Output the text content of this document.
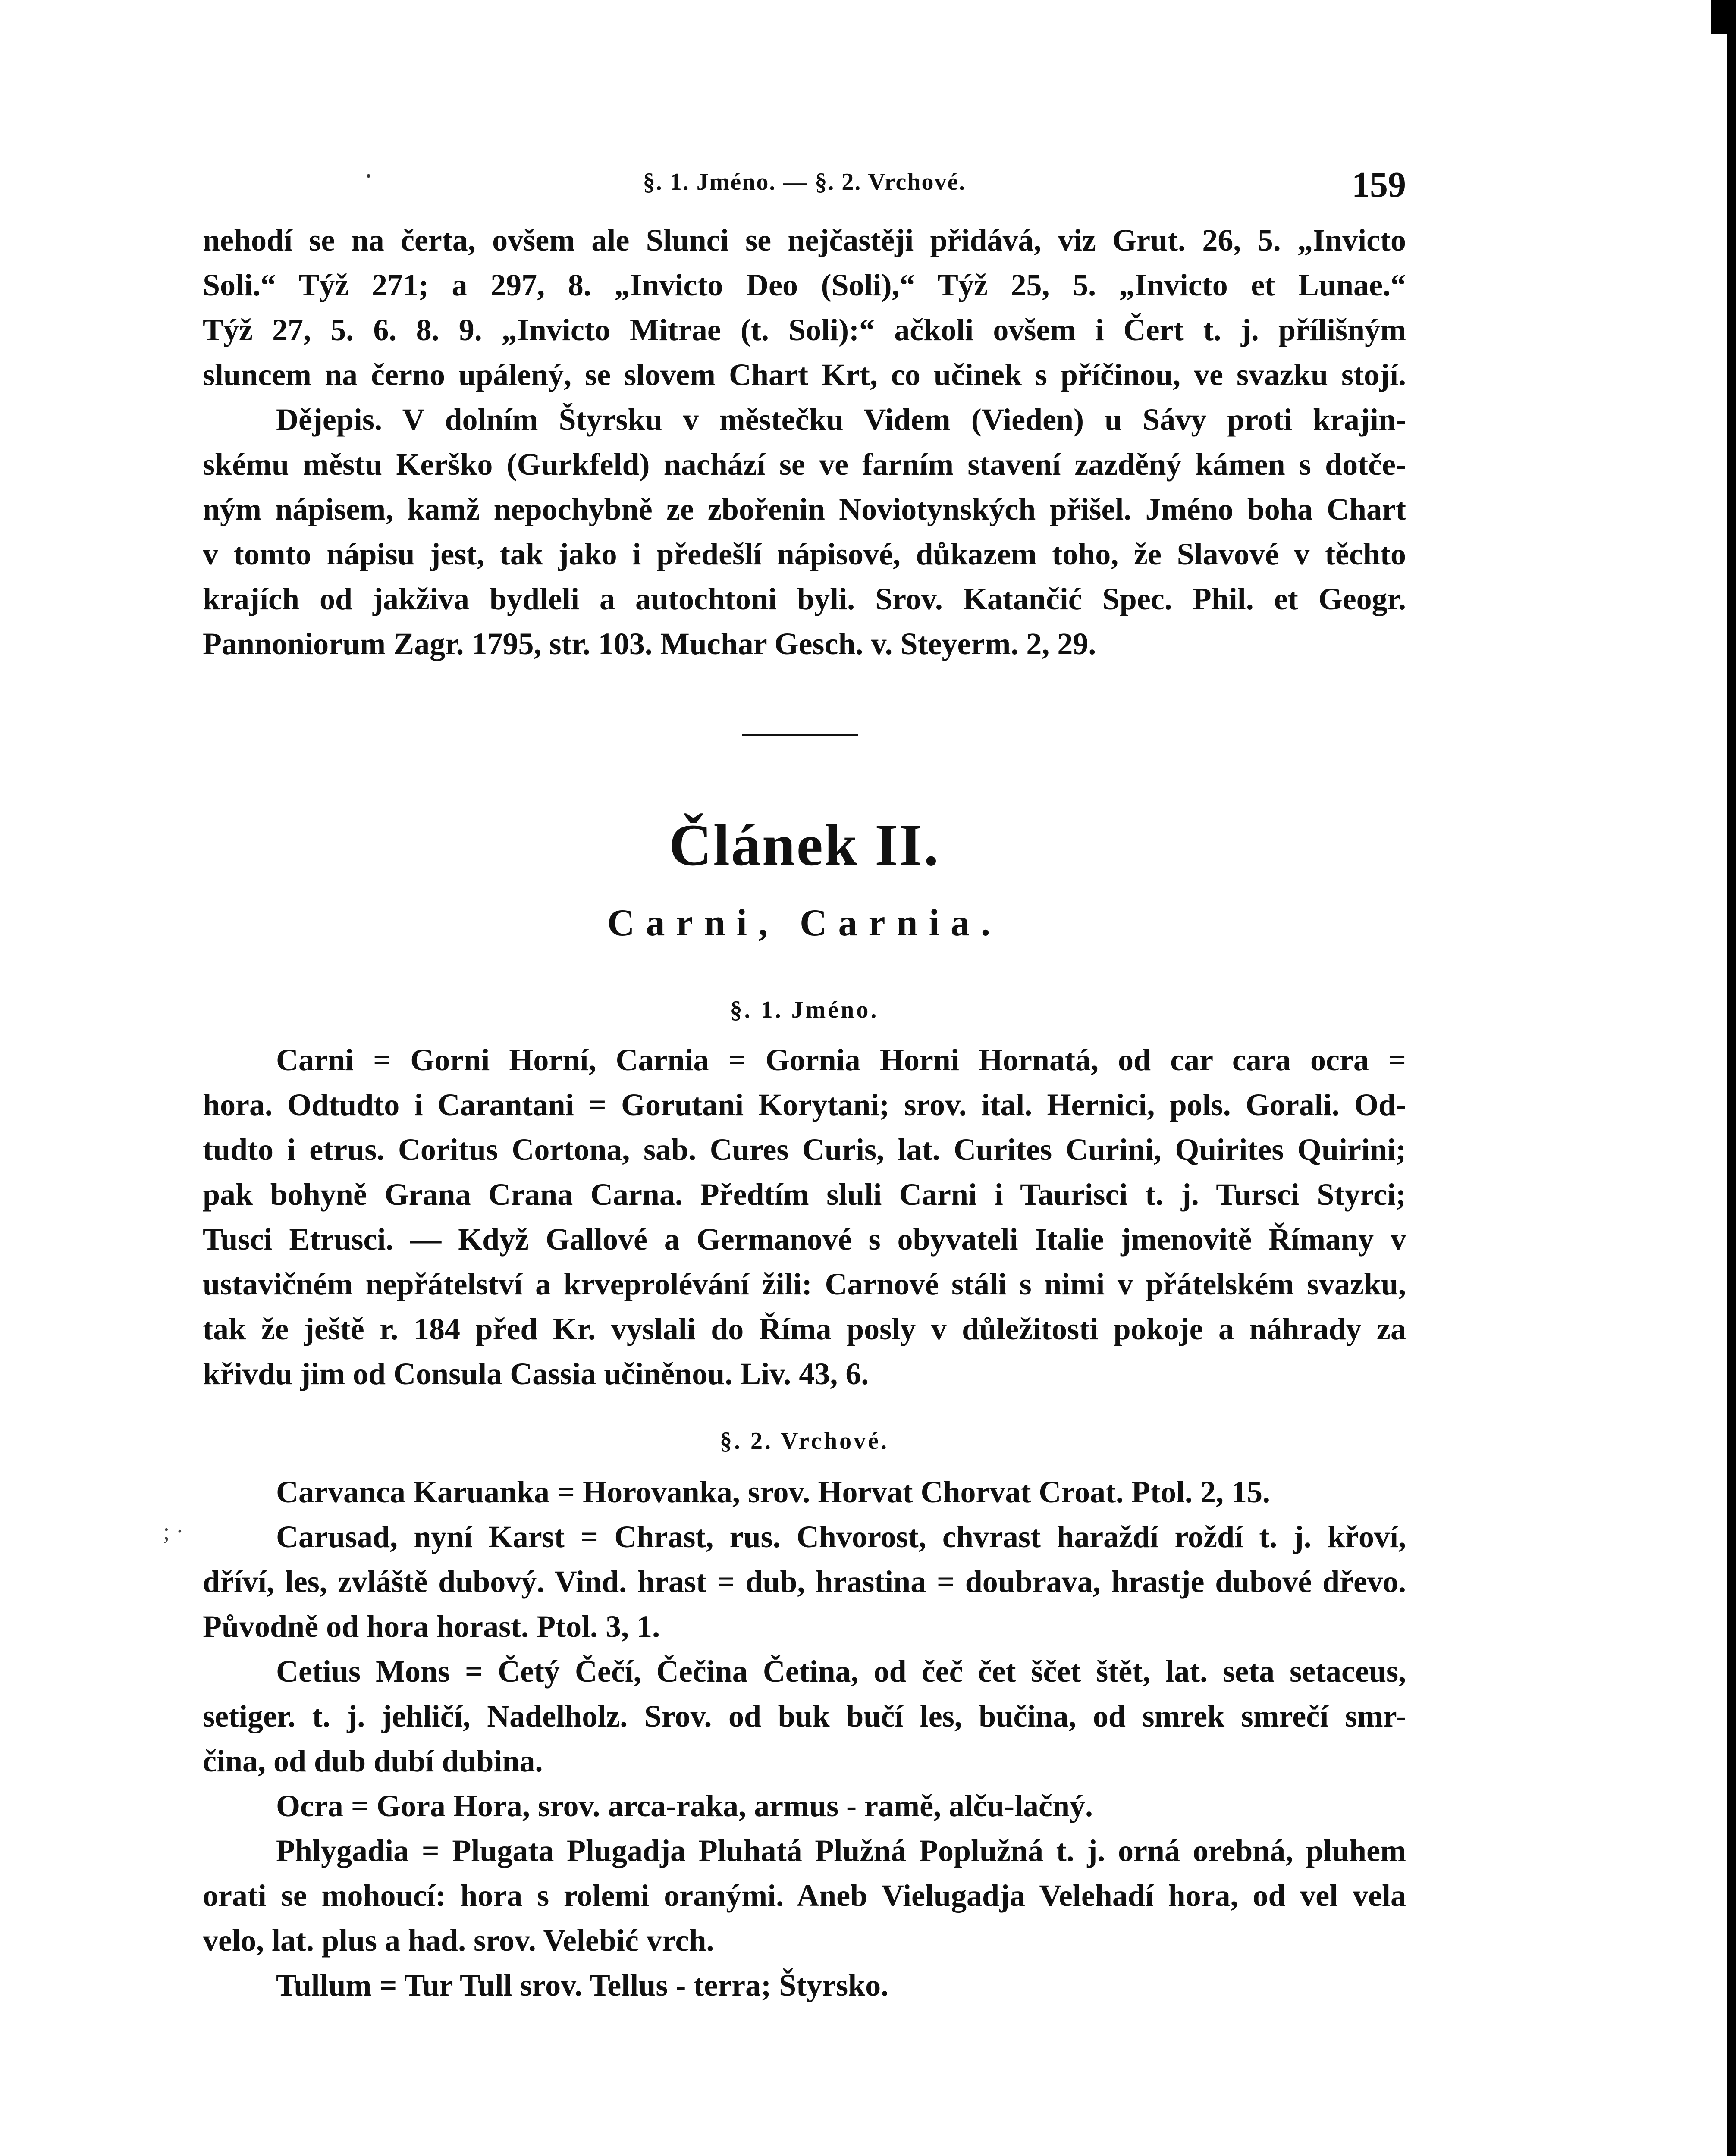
§. 1. Jméno. — §. 2. Vrchové.	159
nehodí se na čerta, ovšem ale Slunci se nejčastěji přidává, viz Grut. 26, 5. „Invicto
Soli.“ Týž 271; a 297, 8. „Invicto Deo (Soli),“ Týž 25, 5. „Invicto et Lunae.“
Týž 27, 5. 6. 8. 9. „Invicto Mitrae (t. Soli):“ ačkoli ovšem i Čert t. j. přílišným
sluncem na černo upálený, se slovem Chart Krt, co učinek s příčinou, ve svazku stojí.
Dějepis. V dolním Štyrsku v městečku Videm (Vieden) u Sávy proti krajin-
skému městu Kerško (Gurkfeld) nachází se ve farním stavení zazděný kámen s dotče-
ným nápisem, kamž nepochybně ze zbořenin Noviotynských přišel. Jméno boha Chart
v tomto nápisu jest, tak jako i předešlí nápisové, důkazem toho, že Slavové v těchto
krajích od jakživa bydleli a autochtoni byli. Srov. Katančić Spec. Phil. et Geogr.
Pannoniorum Zagr. 1795, str. 103. Muchar Gesch. v. Steyerm. 2, 29.
Článek II.
Carni, Carnia.
§. 1. Jméno.
Carni = Gorni Horní, Carnia = Gornia Horni Hornatá, od car cara ocra =
hora. Odtudto i Carantani = Gorutani Korytani; srov. ital. Hernici, pols. Gorali. Od-
tudto i etrus. Coritus Cortona, sab. Cures Curis, lat. Curites Curini, Quirites Quirini;
pak bohyně Grana Crana Carna. Předtím sluli Carni i Taurisci t. j. Tursci Styrci;
Tusci Etrusci. — Když Gallové a Germanové s obyvateli Italie jmenovitě Římany v
ustavičném nepřátelství a krveprolévání žili: Carnové stáli s nimi v přátelském svazku,
tak že ještě r. 184 před Kr. vyslali do Říma posly v důležitosti pokoje a náhrady za
křivdu jim od Consula Cassia učiněnou. Liv. 43, 6.
§. 2. Vrchové.
; ·
Carvanca Karuanka = Horovanka, srov. Horvat Chorvat Croat. Ptol. 2, 15.
Carusad, nyní Karst = Chrast, rus. Chvorost, chvrast haraždí roždí t. j. křoví,
dříví, les, zvláště dubový. Vind. hrast = dub, hrastina = doubrava, hrastje dubové dřevo.
Původně od hora horast. Ptol. 3, 1.
Cetius Mons = Četý Čečí, Čečina Četina, od čeč čet ščet štět, lat. seta setaceus,
setiger. t. j. jehličí, Nadelholz. Srov. od buk bučí les, bučina, od smrek smrečí smr-
čina, od dub dubí dubina.
Ocra = Gora Hora, srov. arca-raka, armus - ramě, alču-lačný.
Phlygadia = Plugata Plugadja Pluhatá Plužná Poplužná t. j. orná orebná, pluhem
orati se mohoucí: hora s rolemi oranými. Aneb Vielugadja Velehadí hora, od vel vela
velo, lat. plus a had. srov. Velebić vrch.
Tullum = Tur Tull srov. Tellus - terra; Štyrsko.
